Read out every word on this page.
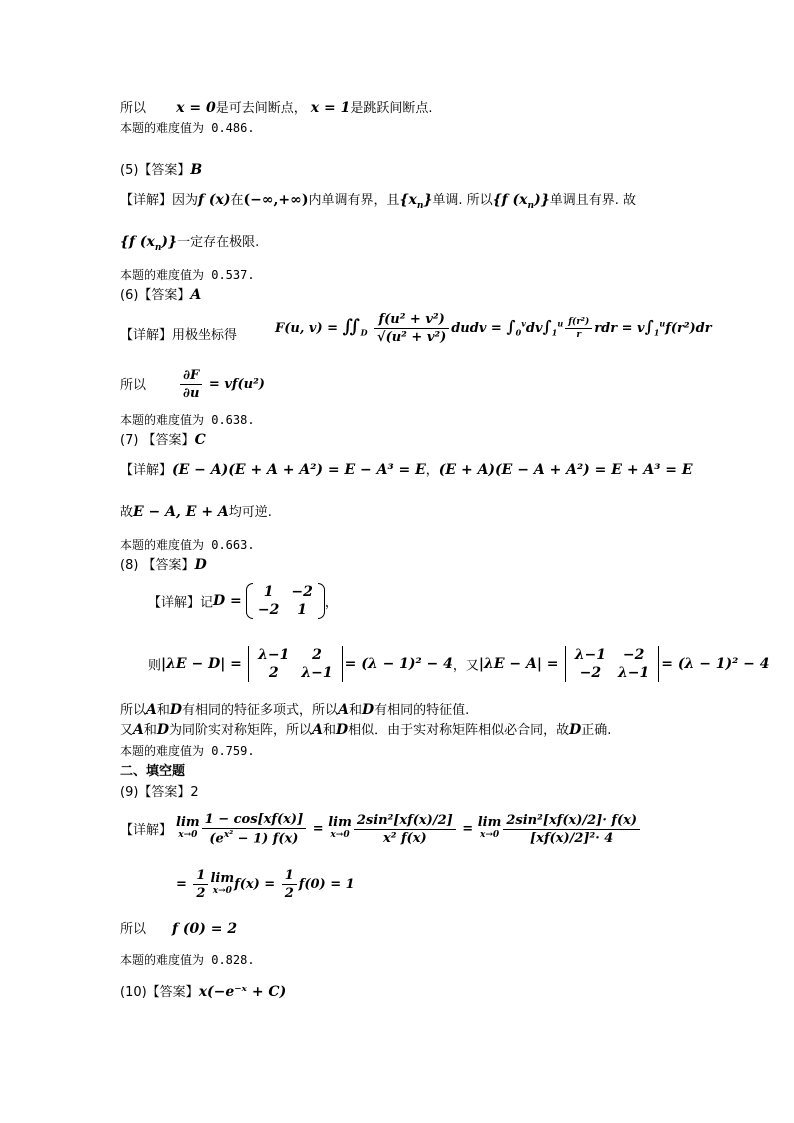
所以 x = 0是可去间断点， x = 1是跳跃间断点.
本题的难度值为 0.486.
(5)【答案】B
【详解】因为f (x)在(−∞,+∞)内单调有界，且$\{x_n\}$单调. 所以{f $(x_n)$}单调且有界. 故
{f $(x_n)$}一定存在极限.
本题的难度值为 0.537.
(6)【答案】A
【详解】用极坐标得	F(u, $v) = ∬_D \frac{\text{f(u² + v²)}}{\text{√(u² + v²)}}$ dudv = $\int_0^vdv\int_1^u \frac{\text{f(r²)}}{r}$ rdr = $v\int_1^uf(r^2)dr$
所以	$\frac{\partial F}{\partial u} = vf(u^2)$
本题的难度值为 0.638.
(7) 【答案】C
【详解】(E − A)(E + A + A²) = E − A³ = E，(E + A)(E − A + A²) = E + A³ = E
故E − A, E + A均可逆.
本题的难度值为 0.663.
(8) 【答案】D
【详解】记D =
1	−2
−2	1 ，
则|λE − D| =
λ−1	2
2	λ−1
= (λ − 1)² − 4，又|λE − A| =
λ−1	−2
−2	λ−1
= (λ − 1)² − 4
所以A和D有相同的特征多项式，所以A和D有相同的特征值.
又A和D为同阶实对称矩阵，所以A和D相似．由于实对称矩阵相似必合同，故D正确.
本题的难度值为 0.759.
二、填空题
(9)【答案】2
【详解】
lim
$x\to 0 \frac{1 - \cos[xf(x)]}{(e^{x^2} - 1) f(x)} = \lim$
$x\to 0 \frac{\text{2sin²[xf(x)/2]}}{\text{x² f(x)}} = \lim$
$x\to 0 \frac{\text{2sin²[xf(x)/2]· f(x)}}{\text{[xf(x)/2]²· 4}}$
= $\frac{1}{2}$ lim
x→0 $f(x) = \frac{1}{2} f(0) = 1$
所以 f (0) = 2
本题的难度值为 0.828.
(10)【答案】x(−e⁻ˣ + C)
